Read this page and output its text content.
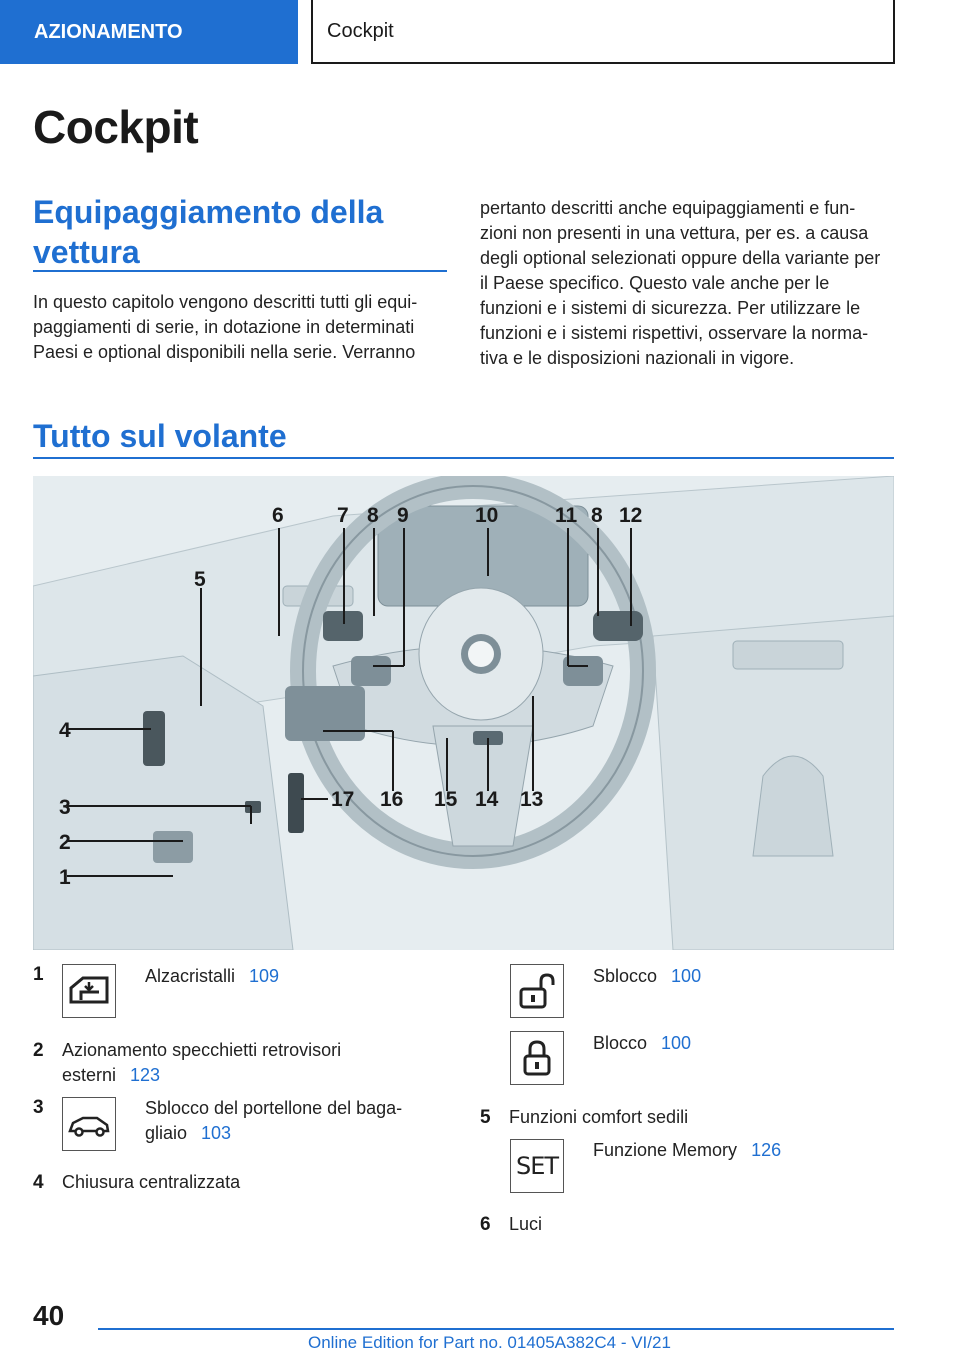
AZIONAMENTO	Cockpit
Cockpit
Equipaggiamento della vettura

In questo capitolo vengono descritti tutti gli equi-paggiamenti di serie, in dotazione in determinati Paesi e optional disponibili nella serie. Verranno

pertanto descritti anche equipaggiamenti e fun-zioni non presenti in una vettura, per es. a causa degli optional selezionati oppure della variante per il Paese specifico. Questo vale anche per le funzioni e i sistemi di sicurezza. Per utilizzare le funzioni e i sistemi rispettivi, osservare la norma-tiva e le disposizioni nazionali in vigore.

Tutto sul volante
1
2
3
4
5
6	7 8 9	10	11 8 12
13
14
15
16
17
1	Alzacristalli 109
2 Azionamento specchietti retrovisori esterni 123
3	Sblocco del portellone del baga-gliaio 103
4 Chiusura centralizzata
Sblocco 100
Blocco 100
5 Funzioni comfort sedili
SET
Funzione Memory 126
6 Luci

40

Online Edition for Part no. 01405A382C4 - VI/21
